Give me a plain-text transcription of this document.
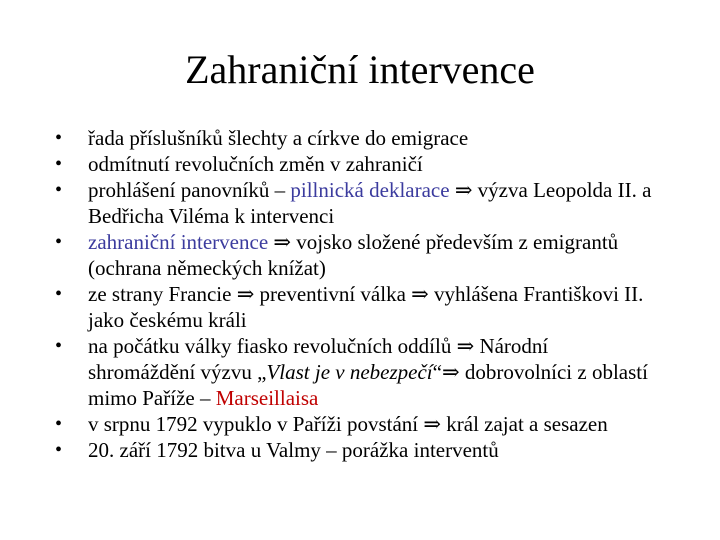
Zahraniční intervence
• řada příslušníků šlechty a církve do emigrace
• odmítnutí revolučních změn v zahraničí
• prohlášení panovníků – pillnická deklarace ⇒ výzva Leopolda II. a Bedřicha Viléma k intervenci
• zahraniční intervence ⇒ vojsko složené především z emigrantů (ochrana německých knížat)
• ze strany Francie ⇒ preventivní válka ⇒ vyhlášena Františkovi II. jako českému králi
• na počátku války fiasko revolučních oddílů ⇒ Národní shromáždění výzvu „Vlast je v nebezpečí“⇒ dobrovolníci z oblastí mimo Paříže – Marseillaisa
• v srpnu 1792 vypuklo v Paříži povstání ⇒ král zajat a sesazen
• 20. září 1792 bitva u Valmy – porážka interventů
